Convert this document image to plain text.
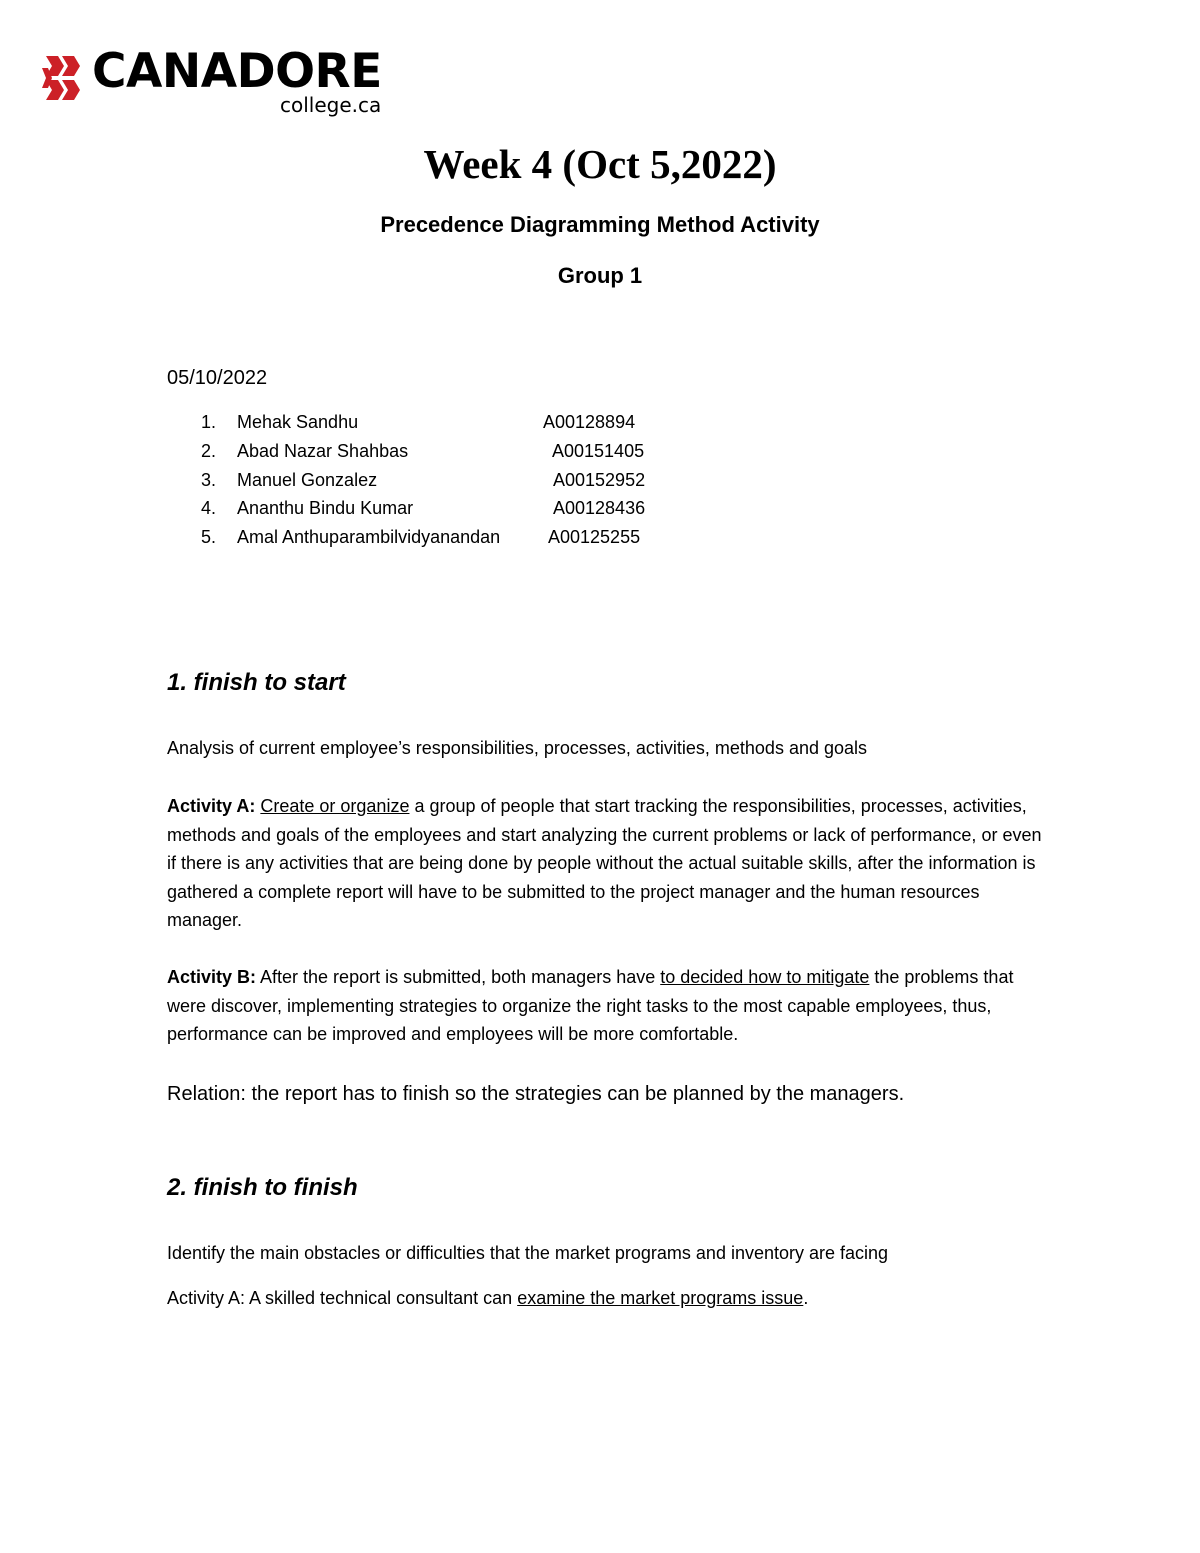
CANADORE
college.ca
Week 4 (Oct 5,2022)
Precedence Diagramming Method Activity
Group 1
05/10/2022
1. Mehak Sandhu	A00128894
2. Abad Nazar Shahbas	A00151405
3. Manuel Gonzalez	A00152952
4. Ananthu Bindu Kumar	A00128436
5. Amal Anthuparambilvidyanandan	A00125255
1. finish to start
Analysis of current employee’s responsibilities, processes, activities, methods and goals
Activity A: Create or organize a group of people that start tracking the responsibilities, processes, activities, methods and goals of the employees and start analyzing the current problems or lack of performance, or even if there is any activities that are being done by people without the actual suitable skills, after the information is gathered a complete report will have to be submitted to the project manager and the human resources manager.
Activity B: After the report is submitted, both managers have to decided how to mitigate the problems that were discover, implementing strategies to organize the right tasks to the most capable employees, thus, performance can be improved and employees will be more comfortable.
Relation: the report has to finish so the strategies can be planned by the managers.
2. finish to finish
Identify the main obstacles or difficulties that the market programs and inventory are facing
Activity A: A skilled technical consultant can examine the market programs issue.
